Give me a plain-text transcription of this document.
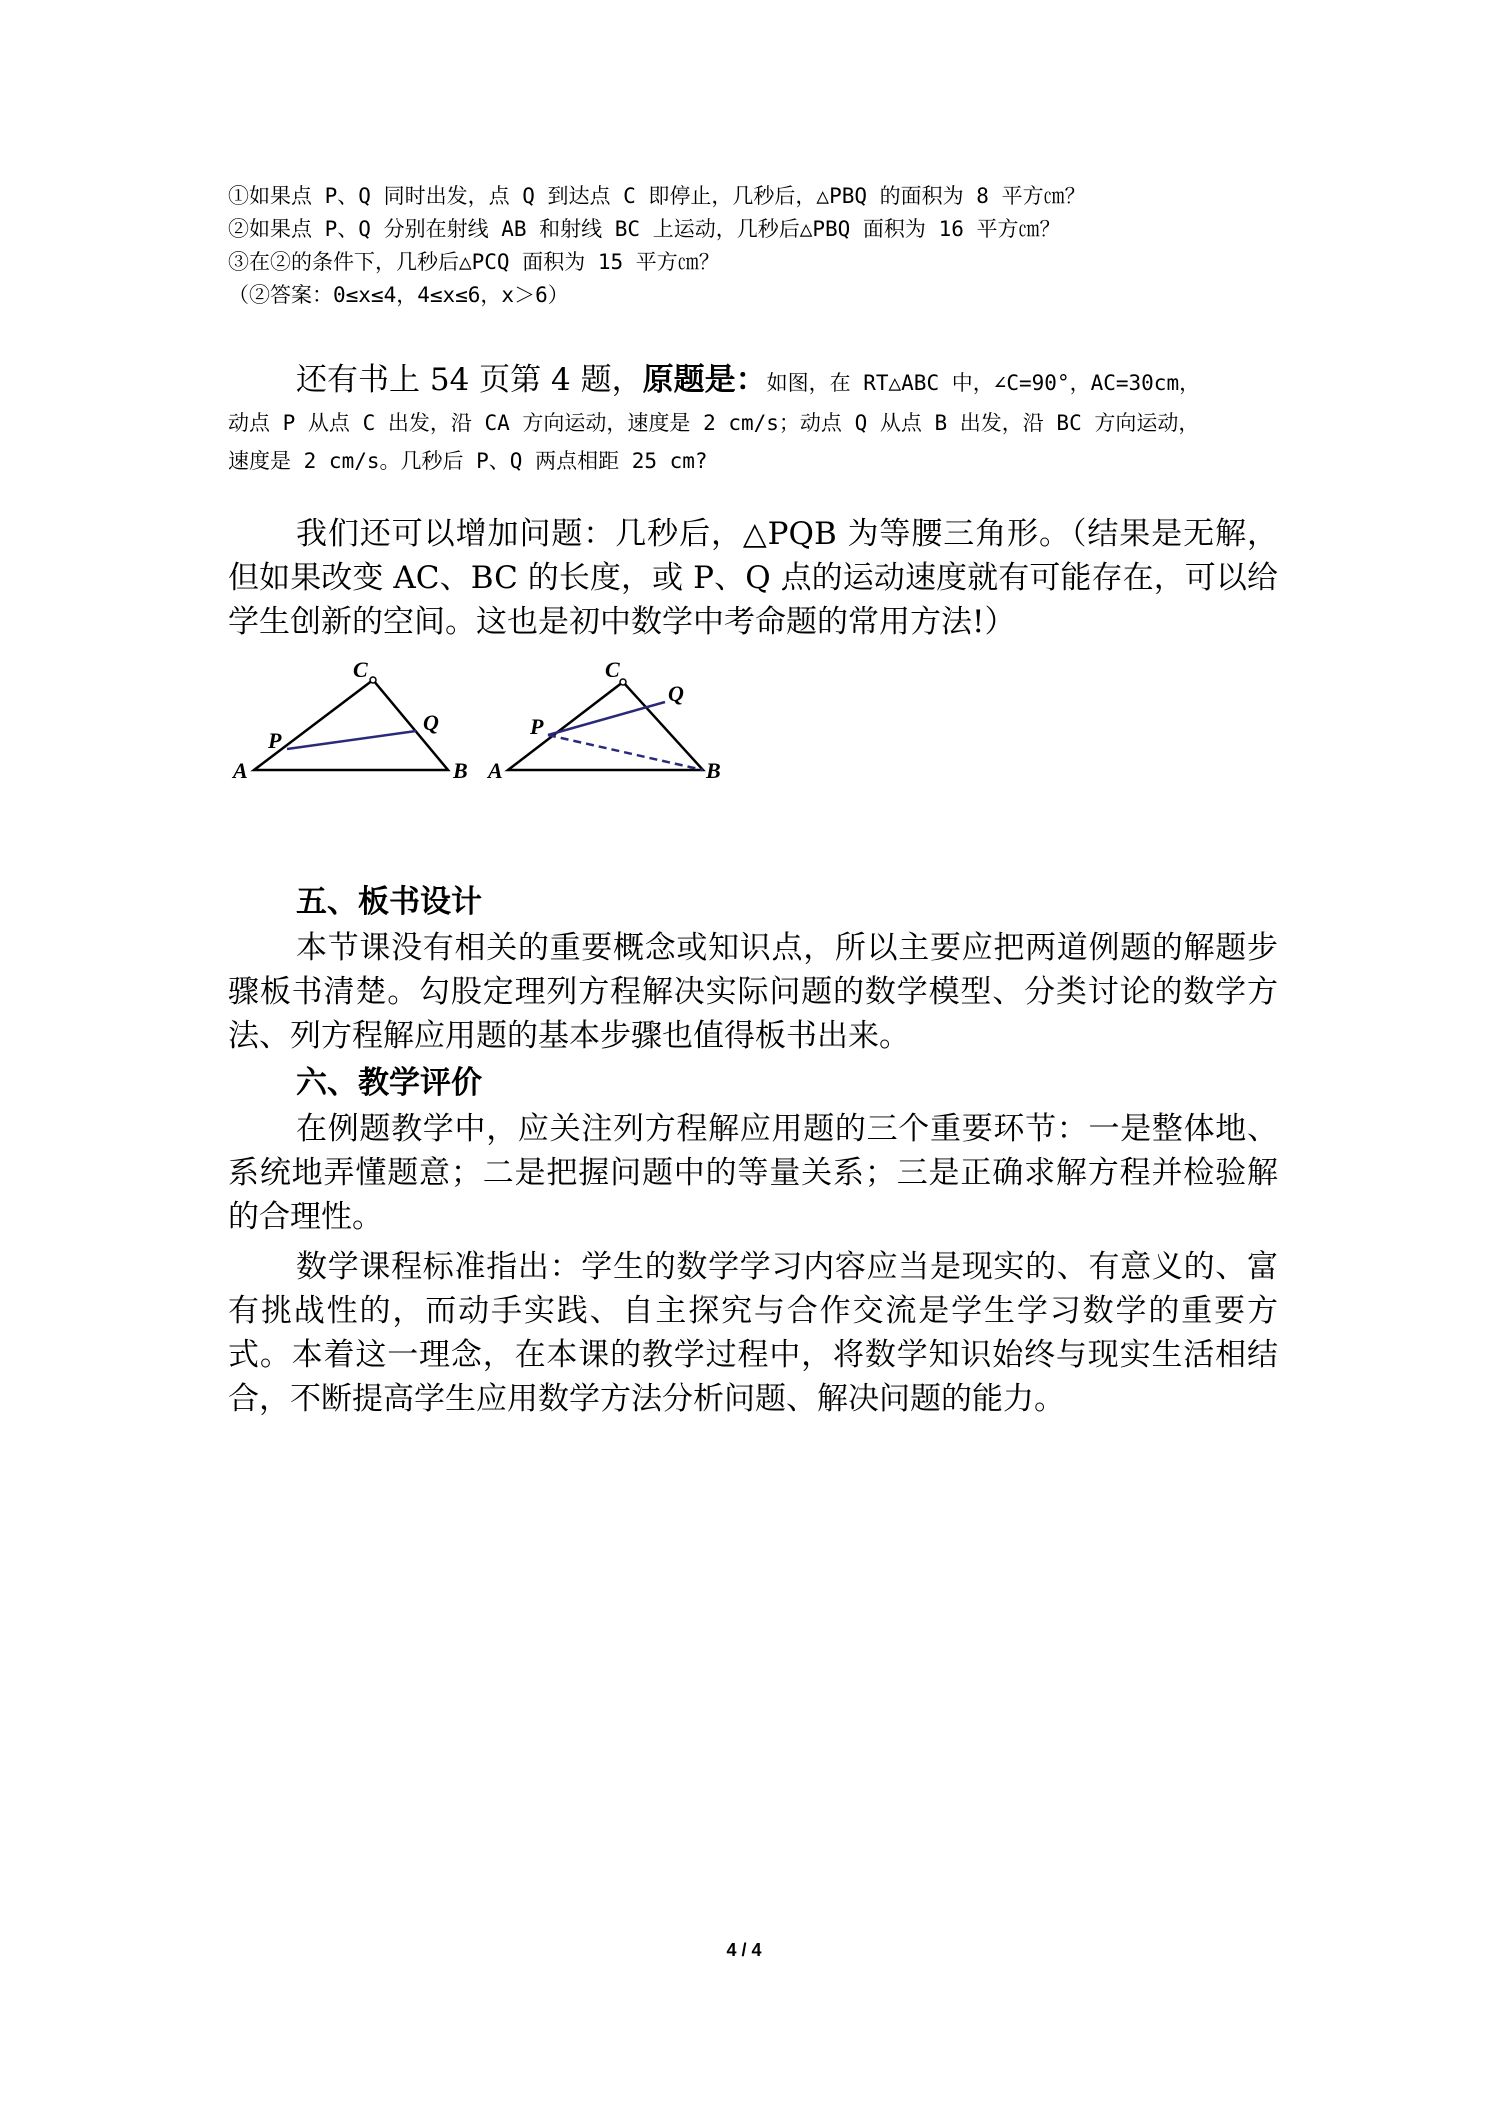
①如果点 P、Q 同时出发，点 Q 到达点 C 即停止，几秒后，△PBQ 的面积为 8 平方㎝？
②如果点 P、Q 分别在射线 AB 和射线 BC 上运动，几秒后△PBQ 面积为 16 平方㎝？
③在②的条件下，几秒后△PCQ 面积为 15 平方㎝？
（②答案：0≤x≤4，4≤x≤6，x＞6）
还有书上 54 页第 4 题，原题是：如图，在 RT△ABC 中，∠C=90°，AC=30cm，
动点 P 从点 C 出发，沿 CA 方向运动，速度是 2 cm/s；动点 Q 从点 B 出发，沿 BC 方向运动，
速度是 2 cm/s。几秒后 P、Q 两点相距 25 cm?

我们还可以增加问题：几秒后，△PQB 为等腰三角形。（结果是无解，但如果改变 AC、BC 的长度，或 P、Q 点的运动速度就有可能存在，可以给学生创新的空间。这也是初中数学中考命题的常用方法!）

C
P
Q
A	B
C
P
Q
A	B
五、板书设计

本节课没有相关的重要概念或知识点，所以主要应把两道例题的解题步骤板书清楚。勾股定理列方程解决实际问题的数学模型、分类讨论的数学方法、列方程解应用题的基本步骤也值得板书出来。

六、教学评价

在例题教学中，应关注列方程解应用题的三个重要环节：一是整体地、系统地弄懂题意；二是把握问题中的等量关系；三是正确求解方程并检验解的合理性。

数学课程标准指出：学生的数学学习内容应当是现实的、有意义的、富有挑战性的，而动手实践、自主探究与合作交流是学生学习数学的重要方式。本着这一理念，在本课的教学过程中，将数学知识始终与现实生活相结合，不断提高学生应用数学方法分析问题、解决问题的能力。

4 / 4
